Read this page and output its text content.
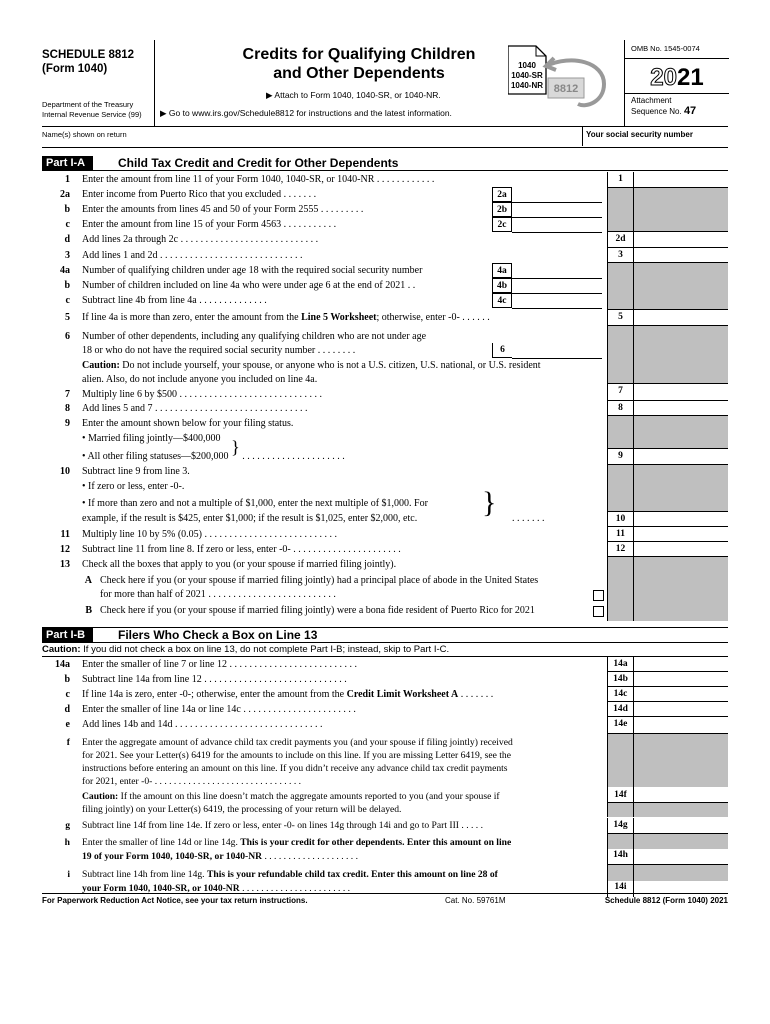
SCHEDULE 8812
(Form 1040)
Department of the Treasury
Internal Revenue Service (99)
Credits for Qualifying Children
and Other Dependents	1040
1040-SR
1040-NR 8812
▶ Attach to Form 1040, 1040-SR, or 1040-NR.
▶ Go to www.irs.gov/Schedule8812 for instructions and the latest information.
OMB No. 1545-0074
2021
Attachment
Sequence No. 47
Name(s) shown on return	Your social security number
Part I-A	Child Tax Credit and Credit for Other Dependents
1 Enter the amount from line 11 of your Form 1040, 1040-SR, or 1040-NR . . . . . . . . . . . .	1
2a Enter income from Puerto Rico that you excluded . . . . . . .	2a
b Enter the amounts from lines 45 and 50 of your Form 2555 . . . . . . . . .	2b
c Enter the amount from line 15 of your Form 4563 . . . . . . . . . . .	2c
d Add lines 2a through 2c . . . . . . . . . . . . . . . . . . . . . . . . . . . .	2d
3 Add lines 1 and 2d . . . . . . . . . . . . . . . . . . . . . . . . . . . . .	3
4a Number of qualifying children under age 18 with the required social security number	4a
b Number of children included on line 4a who were under age 6 at the end of 2021 . .	4b
c Subtract line 4b from line 4a . . . . . . . . . . . . . .	4c
5 If line 4a is more than zero, enter the amount from the Line 5 Worksheet; otherwise, enter -0- . . . . . .	5
6 Number of other dependents, including any qualifying children who are not under age
18 or who do not have the required social security number . . . . . . . .	6
Caution: Do not include yourself, your spouse, or anyone who is not a U.S. citizen, U.S. national, or U.S. resident
alien. Also, do not include anyone you included on line 4a.
7 Multiply line 6 by $500 . . . . . . . . . . . . . . . . . . . . . . . . . . . . .	7
8 Add lines 5 and 7 . . . . . . . . . . . . . . . . . . . . . . . . . . . . . . .	8
9 Enter the amount shown below for your filing status.
• Married filing jointly—$400,000
• All other filing statuses—$200,000 } . . . . . . . . . . . . . . . . . . . . .	9
10 Subtract line 9 from line 3.
• If zero or less, enter -0-.
• If more than zero and not a multiple of $1,000, enter the next multiple of $1,000. For }
example, if the result is $425, enter $1,000; if the result is $1,025, enter $2,000, etc.	. . . . . . .	10
11 Multiply line 10 by 5% (0.05) . . . . . . . . . . . . . . . . . . . . . . . . . . .	11
12 Subtract line 11 from line 8. If zero or less, enter -0- . . . . . . . . . . . . . . . . . . . . . .	12
13 Check all the boxes that apply to you (or your spouse if married filing jointly).
A Check here if you (or your spouse if married filing jointly) had a principal place of abode in the United States
for more than half of 2021 . . . . . . . . . . . . . . . . . . . . . . . . . .
B Check here if you (or your spouse if married filing jointly) were a bona fide resident of Puerto Rico for 2021
Part I-B	Filers Who Check a Box on Line 13
Caution: If you did not check a box on line 13, do not complete Part I-B; instead, skip to Part I-C.
14a Enter the smaller of line 7 or line 12 . . . . . . . . . . . . . . . . . . . . . . . . . .	14a
b Subtract line 14a from line 12 . . . . . . . . . . . . . . . . . . . . . . . . . . . . .	14b
c If line 14a is zero, enter -0-; otherwise, enter the amount from the Credit Limit Worksheet A . . . . . . .	14c
d Enter the smaller of line 14a or line 14c . . . . . . . . . . . . . . . . . . . . . . .	14d
e Add lines 14b and 14d . . . . . . . . . . . . . . . . . . . . . . . . . . . . . .	14e
f Enter the aggregate amount of advance child tax credit payments you (and your spouse if filing jointly) received
for 2021. See your Letter(s) 6419 for the amounts to include on this line. If you are missing Letter 6419, see the
instructions before entering an amount on this line. If you didn’t receive any advance child tax credit payments
for 2021, enter -0- . . . . . . . . . . . . . . . . . . . . . . . . . . . . . . .
14f
Caution: If the amount on this line doesn’t match the aggregate amounts reported to you (and your spouse if
filing jointly) on your Letter(s) 6419, the processing of your return will be delayed.
g Subtract line 14f from line 14e. If zero or less, enter -0- on lines 14g through 14i and go to Part III . . . . .	14g
h Enter the smaller of line 14d or line 14g. This is your credit for other dependents. Enter this amount on line
19 of your Form 1040, 1040-SR, or 1040-NR . . . . . . . . . . . . . . . . . . . .	14h
i Subtract line 14h from line 14g. This is your refundable child tax credit. Enter this amount on line 28 of
your Form 1040, 1040-SR, or 1040-NR . . . . . . . . . . . . . . . . . . . . . . .	14i
For Paperwork Reduction Act Notice, see your tax return instructions.	Cat. No. 59761M	Schedule 8812 (Form 1040) 2021
